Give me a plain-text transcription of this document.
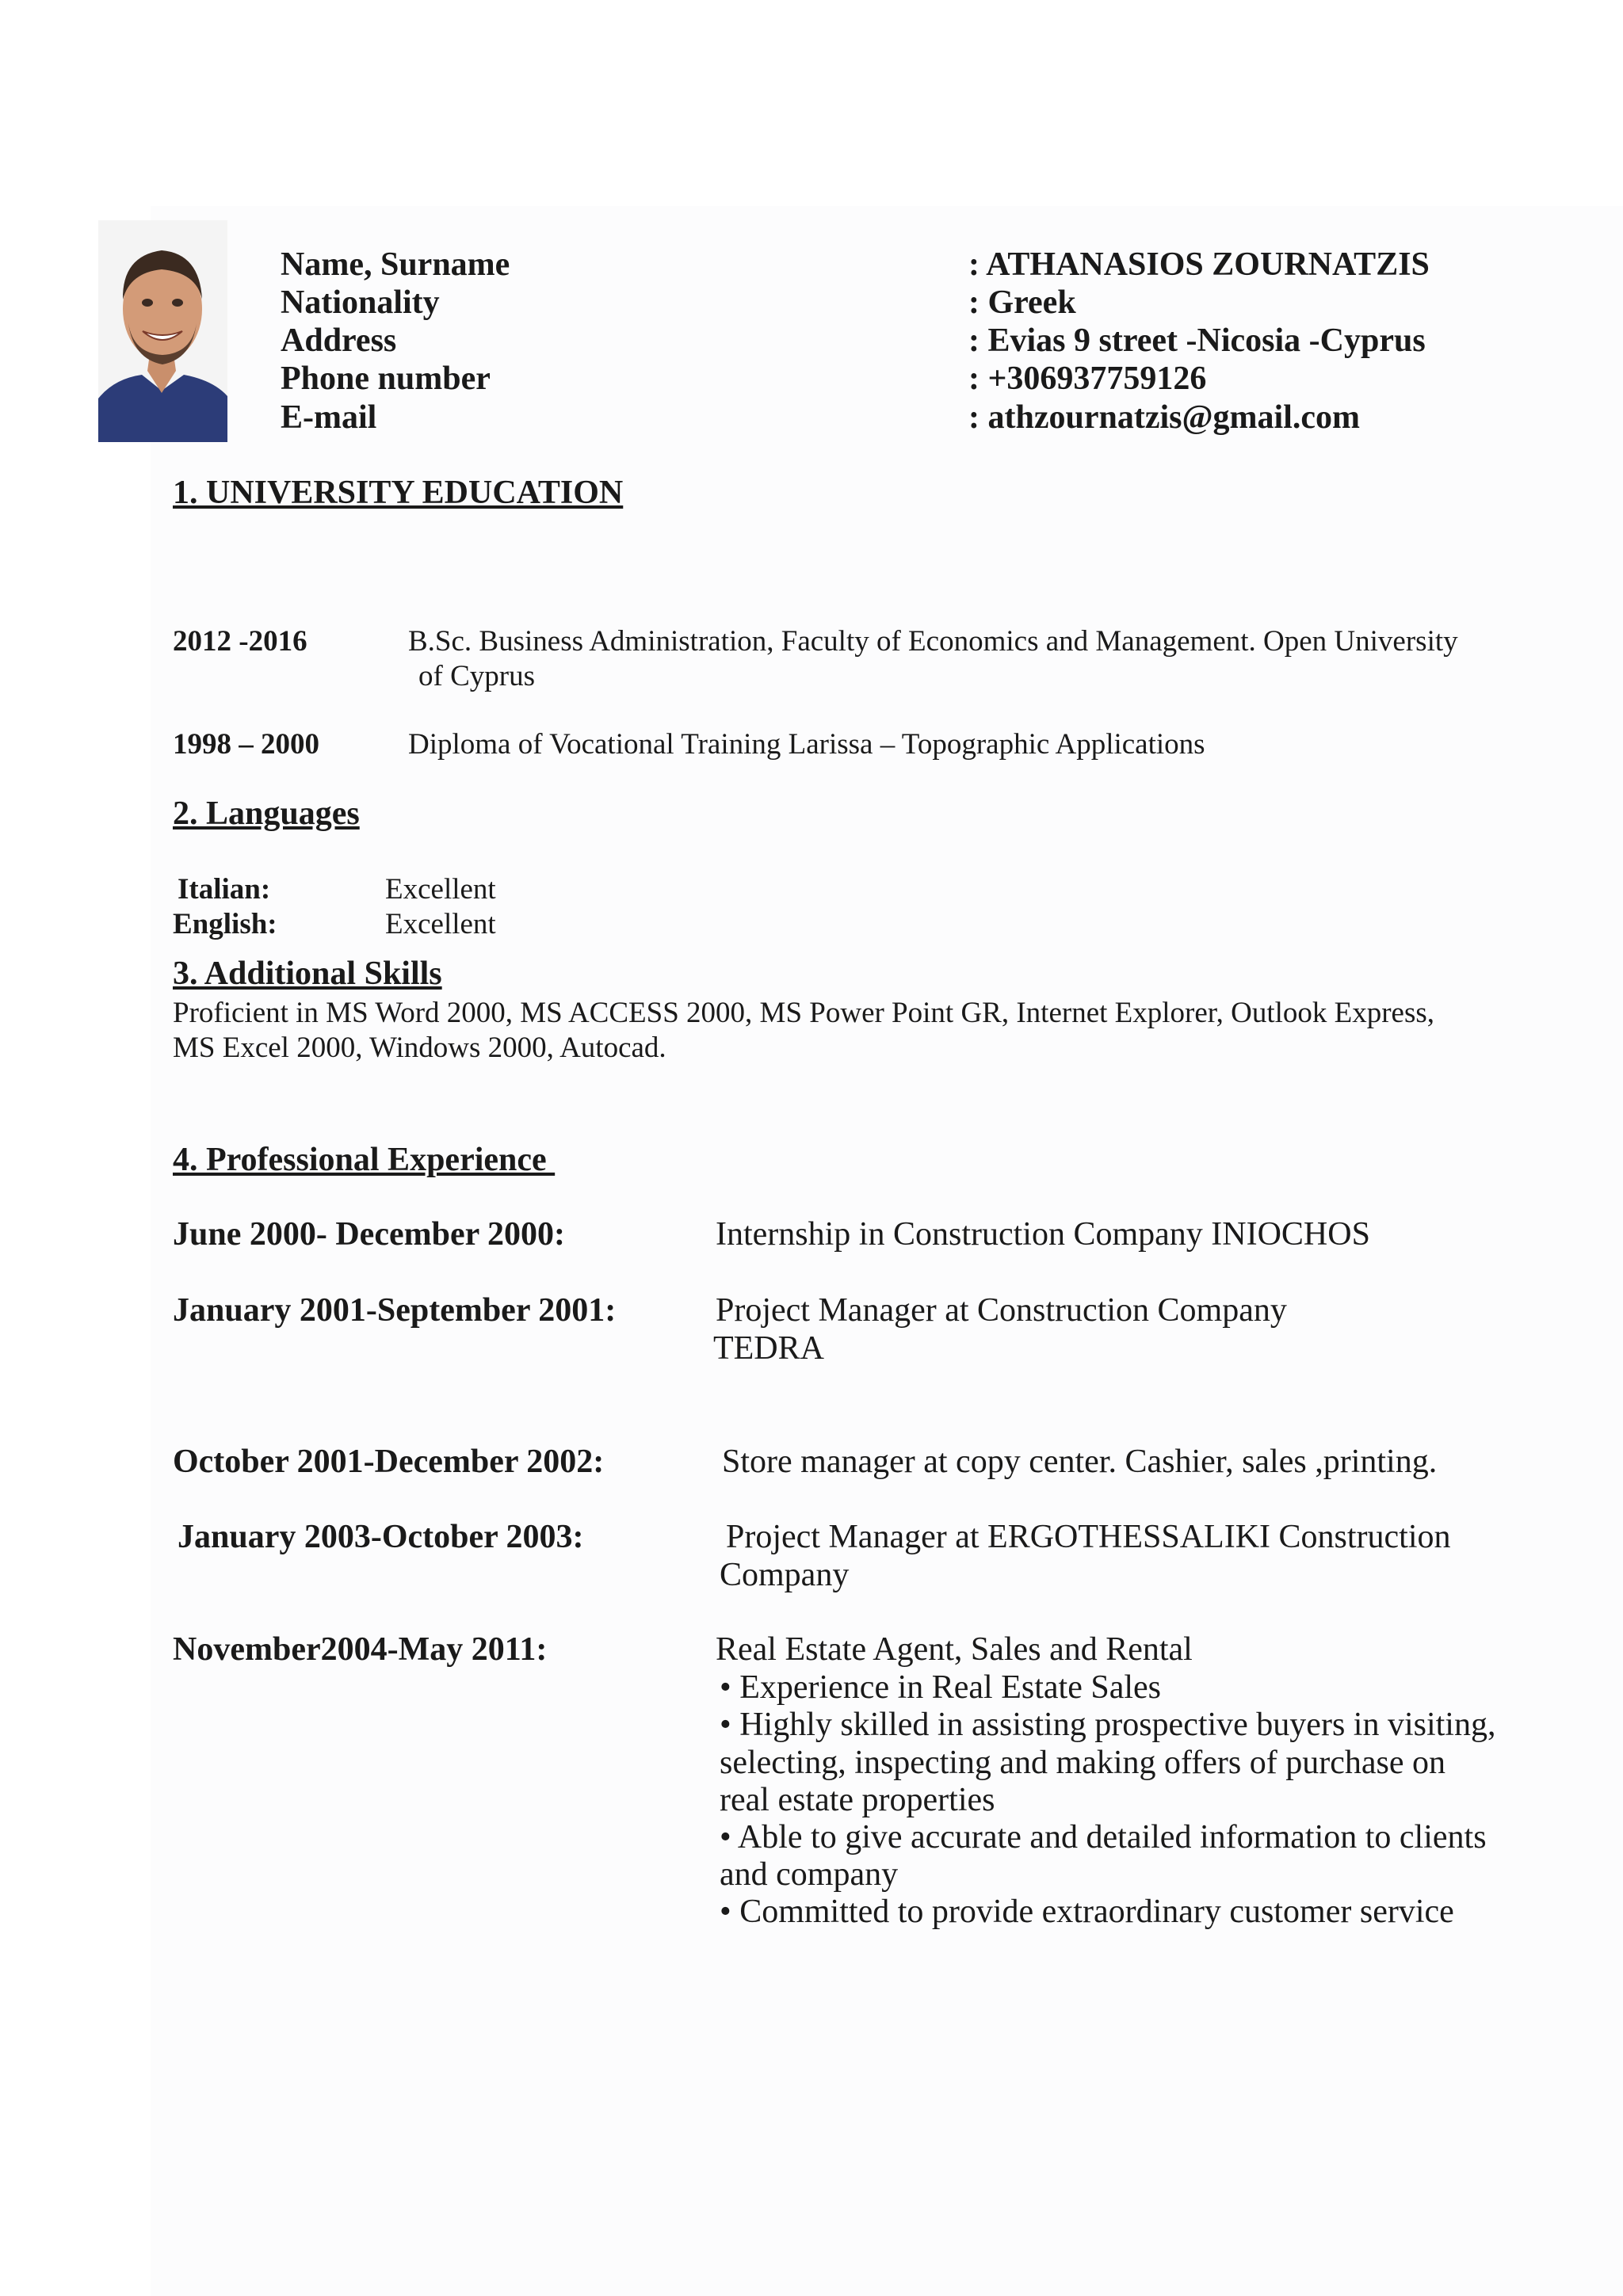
Name, Surname	: ATHANASIOS ZOURNATZIS
Nationality	: Greek
Address	: Evias 9 street -Nicosia -Cyprus
Phone number	: +306937759126
E-mail	: athzournatzis@gmail.com
1. UNIVERSITY EDUCATION
2012 -2016	B.Sc. Business Administration, Faculty of Economics and Management. Open University
of Cyprus
1998 – 2000	Diploma of Vocational Training Larissa – Topographic Applications
2. Languages
Italian:	Excellent
English:	Excellent
3. Additional Skills
Proficient in MS Word 2000, MS ACCESS 2000, MS Power Point GR, Internet Explorer, Outlook Express,
MS Excel 2000, Windows 2000, Autocad.
4. Professional Experience
June 2000- December 2000:	Internship in Construction Company INIOCHOS
January 2001-September 2001:	Project Manager at Construction Company
TEDRA
October 2001-December 2002:	Store manager at copy center. Cashier, sales ,printing.
January 2003-October 2003:	Project Manager at ERGOTHESSALIKI Construction
Company
November2004-May 2011:	Real Estate Agent, Sales and Rental
• Experience in Real Estate Sales
• Highly skilled in assisting prospective buyers in visiting,
selecting, inspecting and making offers of purchase on
real estate properties
• Able to give accurate and detailed information to clients
and company
• Committed to provide extraordinary customer service
